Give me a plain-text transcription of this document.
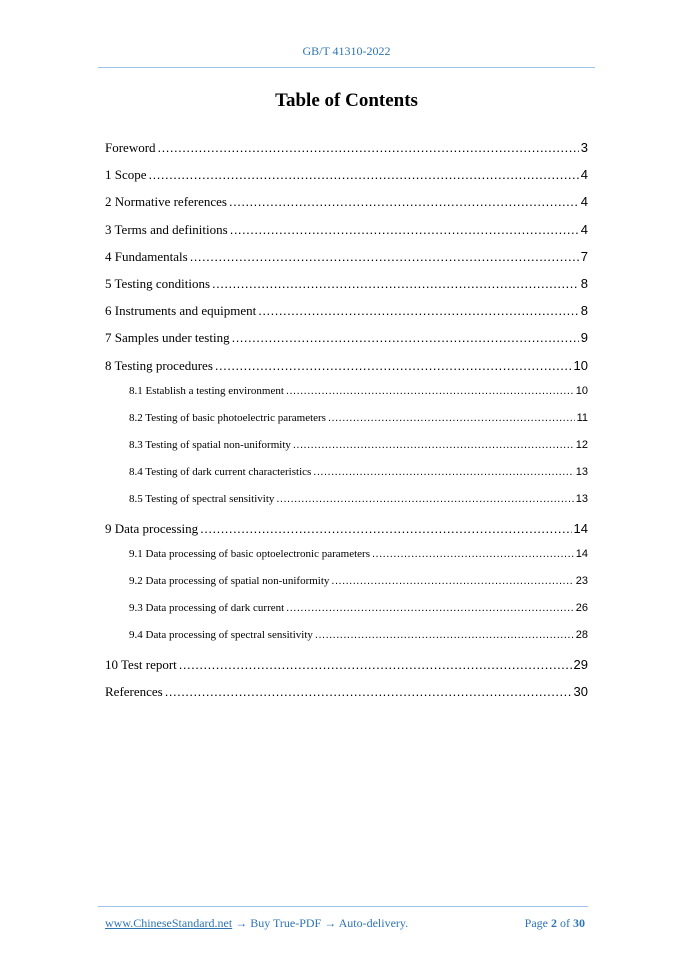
GB/T 41310-2022
Table of Contents
Foreword .....	3
1 Scope .....	4
2 Normative references .....	4
3 Terms and definitions .....	4
4 Fundamentals .....	7
5 Testing conditions .....	8
6 Instruments and equipment .....	8
7 Samples under testing .....	9
8 Testing procedures .....	10
8.1 Establish a testing environment .....	10
8.2 Testing of basic photoelectric parameters .....	11
8.3 Testing of spatial non-uniformity .....	12
8.4 Testing of dark current characteristics .....	13
8.5 Testing of spectral sensitivity .....	13
9 Data processing .....	14
9.1 Data processing of basic optoelectronic parameters .....	14
9.2 Data processing of spatial non-uniformity .....	23
9.3 Data processing of dark current .....	26
9.4 Data processing of spectral sensitivity .....	28
10 Test report .....	29
References .....	30
www.ChineseStandard.net → Buy True-PDF → Auto-delivery.	Page 2 of 30
